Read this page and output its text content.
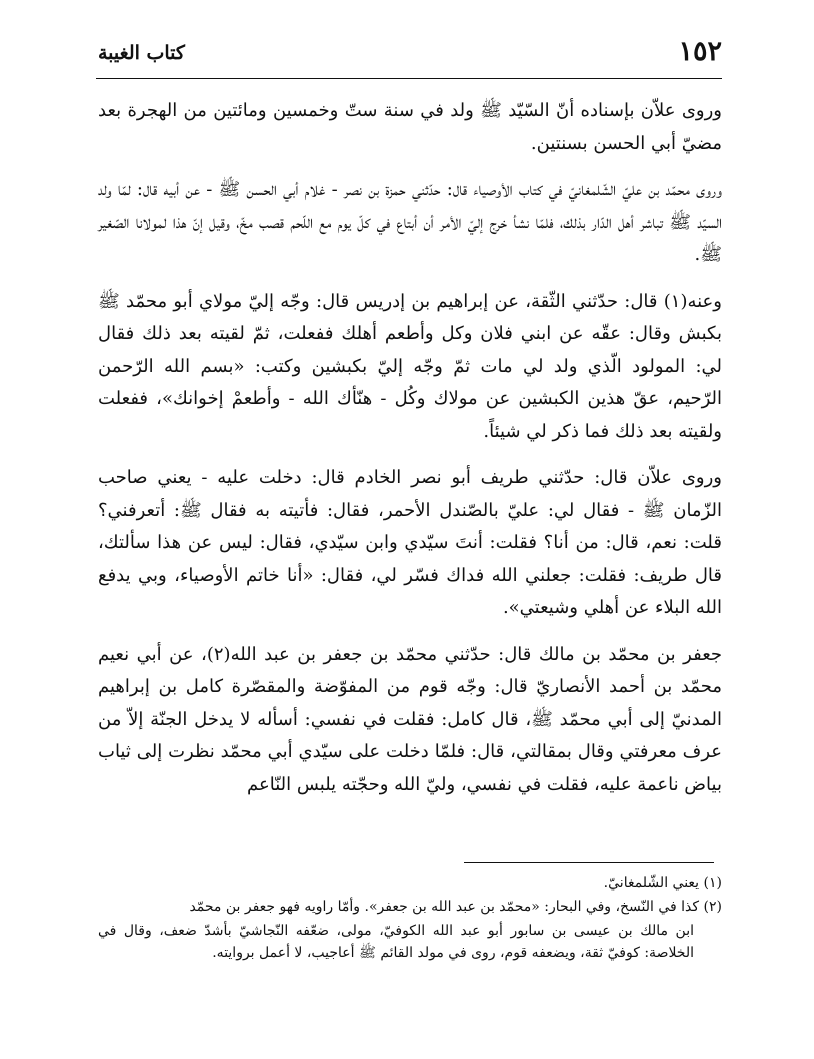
١٥٢
كتاب الغيبة

وروى علاّن بإسناده أنّ السّيّد ﷺ ولد في سنة ستّ وخمسين ومائتين من الهجرة بعد مضيّ أبي الحسن بسنتين.

وروى محمّد بن عليّ الشّلمغانيّ في كتاب الأوصياء قال: حدّثني حمزة بن نصر - غلام أبي الحسن ﷺ - عن أبيه قال: لمّا ولد السيّد ﷺ تباشر أهل الدّار بذلك، فلمّا نشأ خرج إليّ الأمر أن أبتاع في كلّ يوم مع اللّحم قصب مخّ، وقيل إنّ هذا لمولانا الصّغير ﷺ.

وعنه(١) قال: حدّثني الثّقة، عن إبراهيم بن إدريس قال: وجّه إليّ مولاي أبو محمّد ﷺ بكبش وقال: عقّه عن ابني فلان وكل وأطعم أهلك ففعلت، ثمّ لقيته بعد ذلك فقال لي: المولود الّذي ولد لي مات ثمّ وجّه إليّ بكبشين وكتب: «بسم الله الرّحمن الرّحيم، عقّ هذين الكبشين عن مولاك وكُل - هنّأك الله - وأطعمْ إخوانك»، ففعلت ولقيته بعد ذلك فما ذكر لي شيئاً.

وروى علاّن قال: حدّثني طريف أبو نصر الخادم قال: دخلت عليه - يعني صاحب الزّمان ﷺ - فقال لي: عليّ بالصّندل الأحمر، فقال: فأتيته به فقال ﷺ: أتعرفني؟ قلت: نعم، قال: من أنا؟ فقلت: أنتَ سيّدي وابن سيّدي، فقال: ليس عن هذا سألتك، قال طريف: فقلت: جعلني الله فداك فسّر لي، فقال: «أنا خاتم الأوصياء، وبي يدفع الله البلاء عن أهلي وشيعتي».

جعفر بن محمّد بن مالك قال: حدّثني محمّد بن جعفر بن عبد الله(٢)، عن أبي نعيم محمّد بن أحمد الأنصاريّ قال: وجّه قوم من المفوّضة والمقصّرة كامل بن إبراهيم المدنيّ إلى أبي محمّد ﷺ، قال كامل: فقلت في نفسي: أسأله لا يدخل الجنّة إلاّ من عرف معرفتي وقال بمقالتي، قال: فلمّا دخلت على سيّدي أبي محمّد نظرت إلى ثياب بياض ناعمة عليه، فقلت في نفسي، وليّ الله وحجّته يلبس النّاعم

(١) يعني الشّلمغانيّ.

(٢) كذا في النّسخ، وفي البحار: «محمّد بن عبد الله بن جعفر». وأمّا راويه فهو جعفر بن محمّد

ابن مالك بن عيسى بن سابور أبو عبد الله الكوفيّ، مولى، ضعّفه النّجاشيّ بأشدّ ضعف، وقال في الخلاصة: كوفيّ ثقة، ويضعفه قوم، روى في مولد القائم ﷺ أعاجيب، لا أعمل بروايته.
